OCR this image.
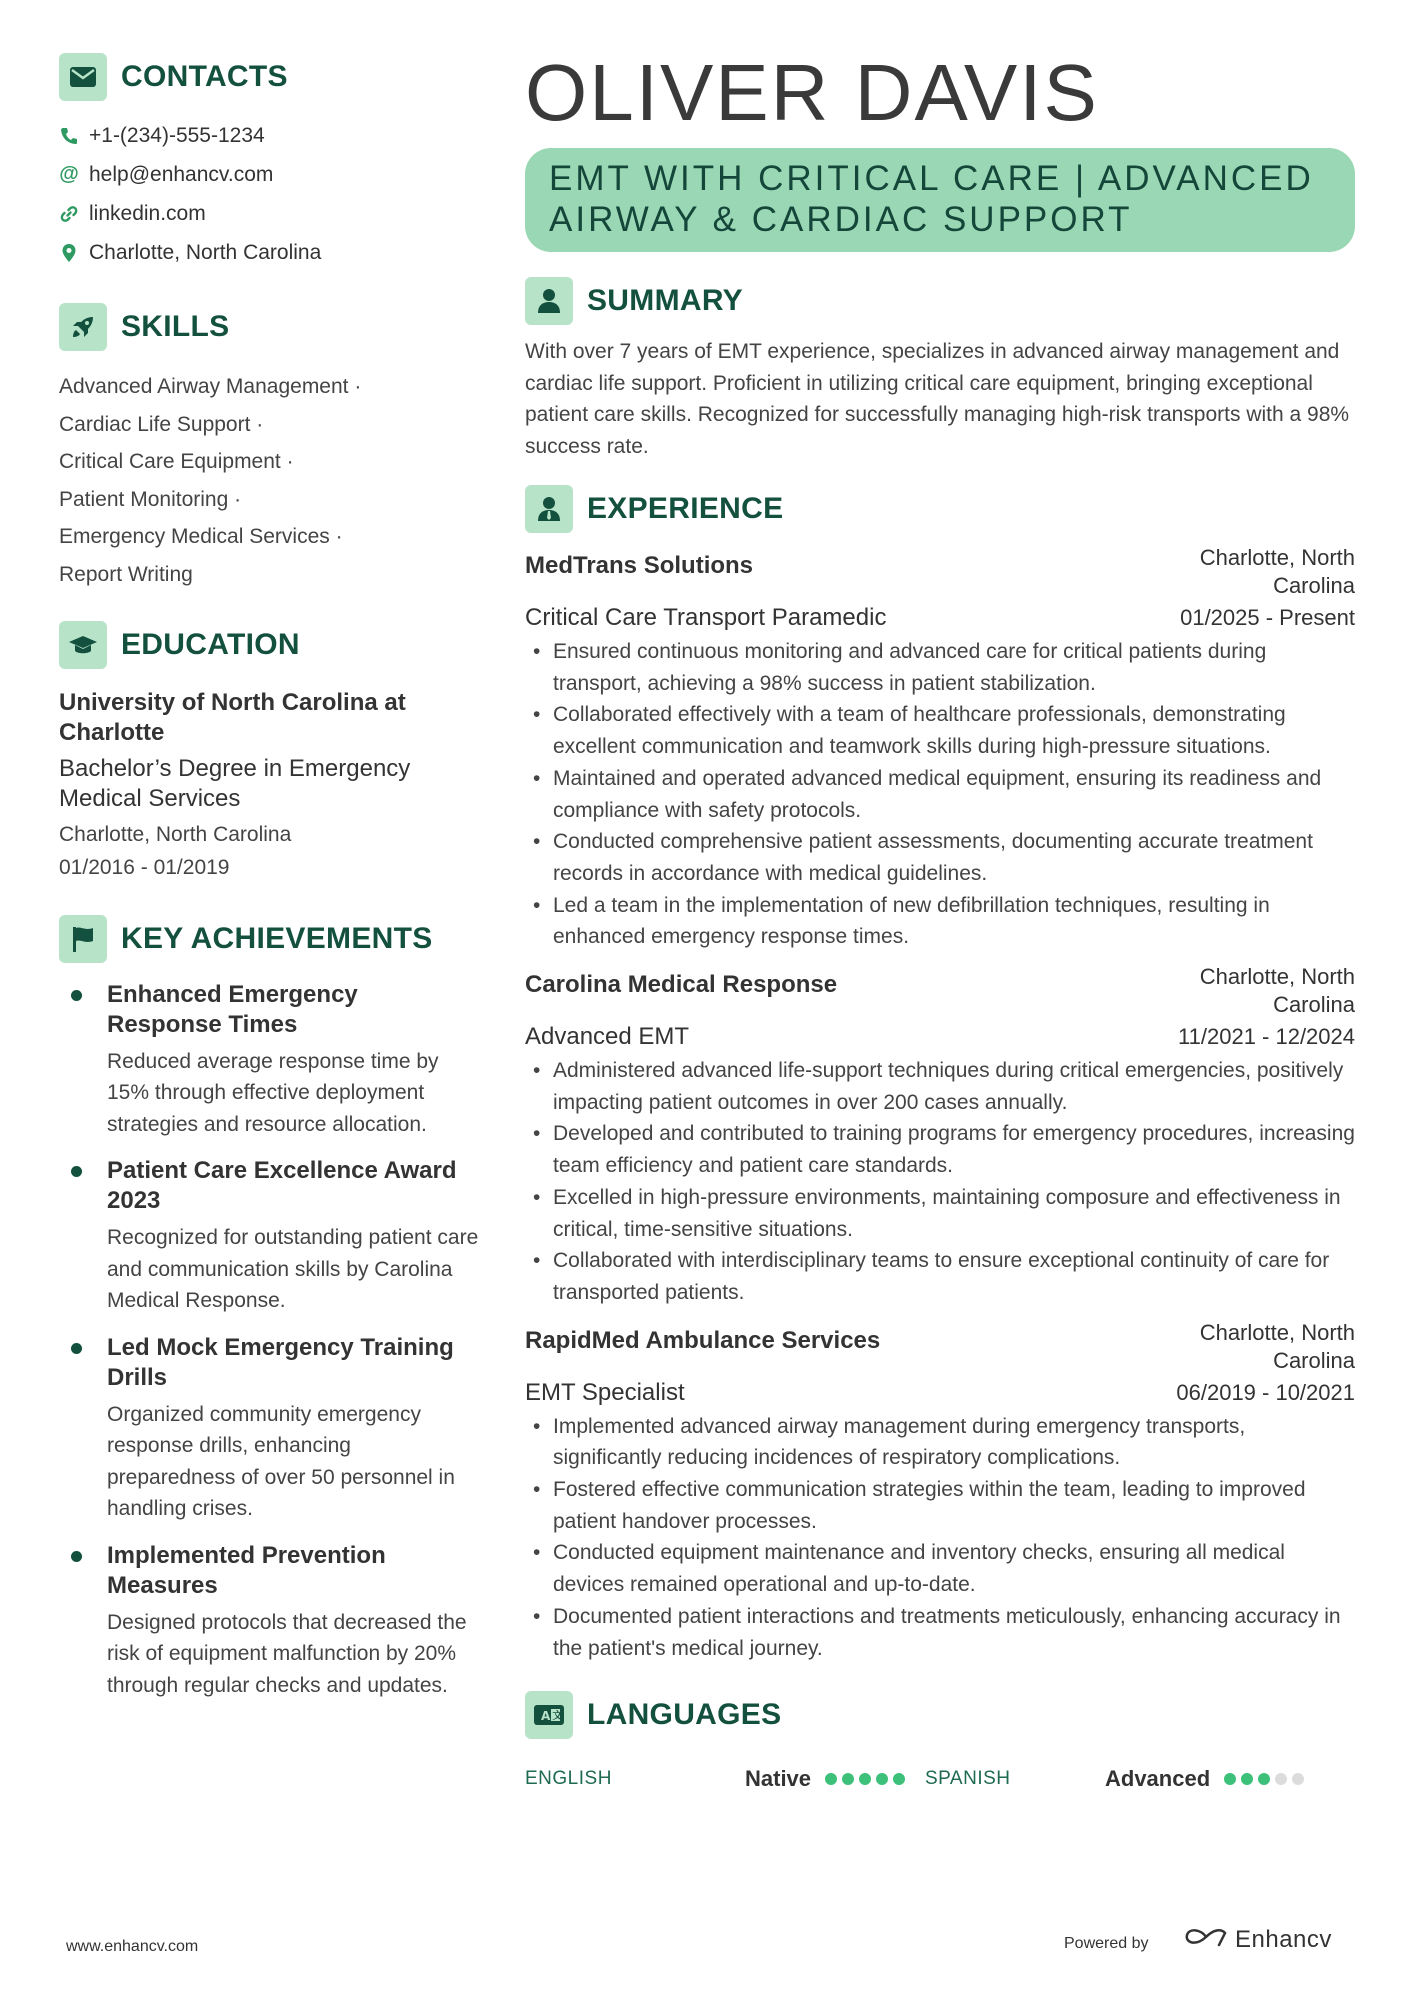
CONTACTS
+1-(234)-555-1234
@ help@enhancv.com
linkedin.com
Charlotte, North Carolina
SKILLS
Advanced Airway Management ·
Cardiac Life Support ·
Critical Care Equipment ·
Patient Monitoring ·
Emergency Medical Services ·
Report Writing
EDUCATION
University of North Carolina at Charlotte
Bachelor’s Degree in Emergency Medical Services
Charlotte, North Carolina
01/2016 - 01/2019
KEY ACHIEVEMENTS
Enhanced Emergency Response Times
Reduced average response time by 15% through effective deployment strategies and resource allocation.
Patient Care Excellence Award 2023
Recognized for outstanding patient care and communication skills by Carolina Medical Response.
Led Mock Emergency Training Drills
Organized community emergency response drills, enhancing preparedness of over 50 personnel in handling crises.
Implemented Prevention Measures
Designed protocols that decreased the risk of equipment malfunction by 20% through regular checks and updates.
OLIVER DAVIS
EMT WITH CRITICAL CARE | ADVANCED AIRWAY & CARDIAC SUPPORT
SUMMARY
With over 7 years of EMT experience, specializes in advanced airway management and cardiac life support. Proficient in utilizing critical care equipment, bringing exceptional patient care skills. Recognized for successfully managing high-risk transports with a 98% success rate.
EXPERIENCE
MedTrans Solutions	Charlotte, North Carolina
Critical Care Transport Paramedic	01/2025 - Present
• Ensured continuous monitoring and advanced care for critical patients during transport, achieving a 98% success in patient stabilization.
• Collaborated effectively with a team of healthcare professionals, demonstrating excellent communication and teamwork skills during high-pressure situations.
• Maintained and operated advanced medical equipment, ensuring its readiness and compliance with safety protocols.
• Conducted comprehensive patient assessments, documenting accurate treatment records in accordance with medical guidelines.
• Led a team in the implementation of new defibrillation techniques, resulting in enhanced emergency response times.
Carolina Medical Response	Charlotte, North Carolina
Advanced EMT	11/2021 - 12/2024
• Administered advanced life-support techniques during critical emergencies, positively impacting patient outcomes in over 200 cases annually.
• Developed and contributed to training programs for emergency procedures, increasing team efficiency and patient care standards.
• Excelled in high-pressure environments, maintaining composure and effectiveness in critical, time-sensitive situations.
• Collaborated with interdisciplinary teams to ensure exceptional continuity of care for transported patients.
RapidMed Ambulance Services	Charlotte, North Carolina
EMT Specialist	06/2019 - 10/2021
• Implemented advanced airway management during emergency transports, significantly reducing incidences of respiratory complications.
• Fostered effective communication strategies within the team, leading to improved patient handover processes.
• Conducted equipment maintenance and inventory checks, ensuring all medical devices remained operational and up-to-date.
• Documented patient interactions and treatments meticulously, enhancing accuracy in the patient's medical journey.
A 文 LANGUAGES
ENGLISH	Native	SPANISH	Advanced
www.enhancv.com	Powered by	Enhancv
